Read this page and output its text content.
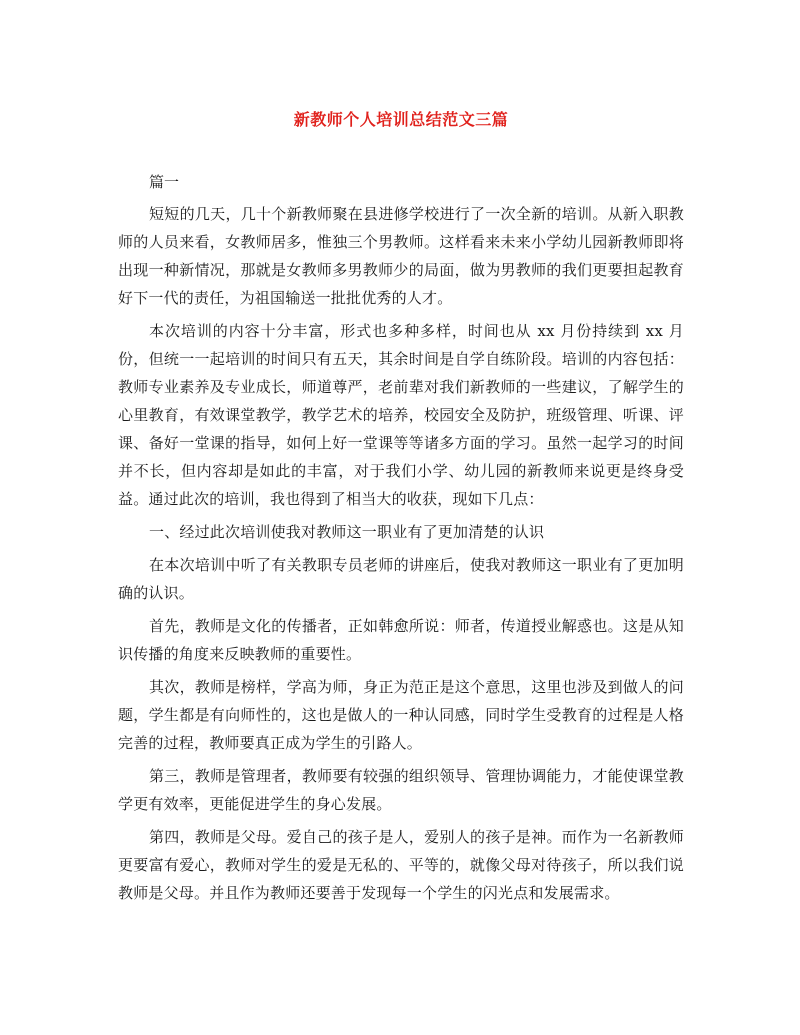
新教师个人培训总结范文三篇

篇一

短短的几天，几十个新教师聚在县进修学校进行了一次全新的培训。从新入职教师的人员来看，女教师居多，惟独三个男教师。这样看来未来小学幼儿园新教师即将出现一种新情况，那就是女教师多男教师少的局面，做为男教师的我们更要担起教育好下一代的责任，为祖国输送一批批优秀的人才。

本次培训的内容十分丰富，形式也多种多样，时间也从 xx 月份持续到 xx 月份，但统一一起培训的时间只有五天，其余时间是自学自练阶段。培训的内容包括：教师专业素养及专业成长，师道尊严，老前辈对我们新教师的一些建议，了解学生的心里教育，有效课堂教学，教学艺术的培养，校园安全及防护，班级管理、听课、评课、备好一堂课的指导，如何上好一堂课等等诸多方面的学习。虽然一起学习的时间并不长，但内容却是如此的丰富，对于我们小学、幼儿园的新教师来说更是终身受益。通过此次的培训，我也得到了相当大的收获，现如下几点：

一、经过此次培训使我对教师这一职业有了更加清楚的认识

在本次培训中听了有关教职专员老师的讲座后，使我对教师这一职业有了更加明确的认识。

首先，教师是文化的传播者，正如韩愈所说：师者，传道授业解惑也。这是从知识传播的角度来反映教师的重要性。

其次，教师是榜样，学高为师，身正为范正是这个意思，这里也涉及到做人的问题，学生都是有向师性的，这也是做人的一种认同感，同时学生受教育的过程是人格完善的过程，教师要真正成为学生的引路人。

第三，教师是管理者，教师要有较强的组织领导、管理协调能力，才能使课堂教学更有效率，更能促进学生的身心发展。

第四，教师是父母。爱自己的孩子是人，爱别人的孩子是神。而作为一名新教师更要富有爱心，教师对学生的爱是无私的、平等的，就像父母对待孩子，所以我们说教师是父母。并且作为教师还要善于发现每一个学生的闪光点和发展需求。
